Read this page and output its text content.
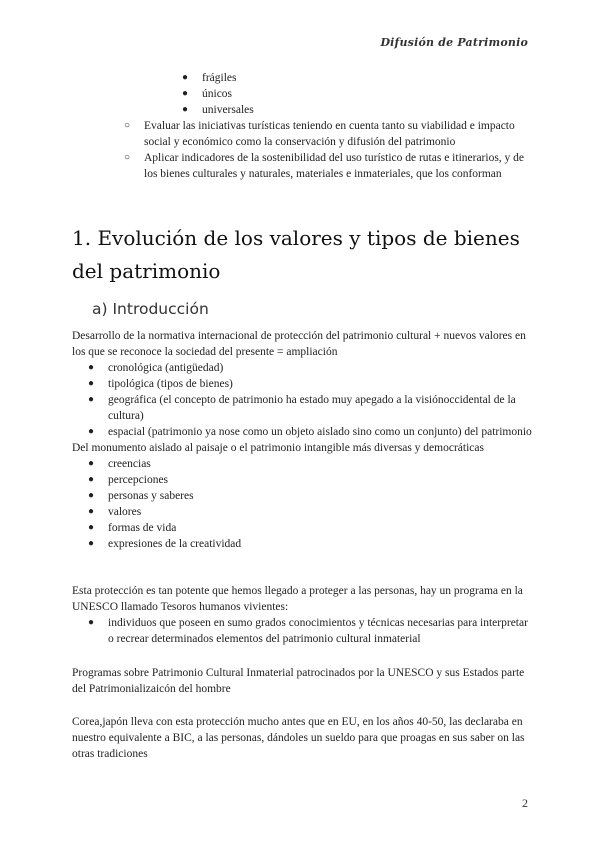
Difusión de Patrimonio
● frágiles
● únicos
● universales
○ Evaluar las iniciativas turísticas teniendo en cuenta tanto su viabilidad e impacto social y económico como la conservación y difusión del patrimonio
○ Aplicar indicadores de la sostenibilidad del uso turístico de rutas e itinerarios, y de los bienes culturales y naturales, materiales e inmateriales, que los conforman
1. Evolución de los valores y tipos de bienes del patrimonio
a) Introducción
Desarrollo de la normativa internacional de protección del patrimonio cultural + nuevos valores en los que se reconoce la sociedad del presente = ampliación
● cronológica (antigüedad)
● tipológica (tipos de bienes)
● geográfica (el concepto de patrimonio ha estado muy apegado a la visiónoccidental de la cultura)
● espacial (patrimonio ya nose como un objeto aislado sino como un conjunto) del patrimonio
Del monumento aislado al paisaje o el patrimonio intangible más diversas y democráticas
● creencias
● percepciones
● personas y saberes
● valores
● formas de vida
● expresiones de la creatividad
Esta protección es tan potente que hemos llegado a proteger a las personas, hay un programa en la UNESCO llamado Tesoros humanos vivientes:
● individuos que poseen en sumo grados conocimientos y técnicas necesarias para interpretar o recrear determinados elementos del patrimonio cultural inmaterial
Programas sobre Patrimonio Cultural Inmaterial patrocinados por la UNESCO y sus Estados parte del Patrimonializaicón del hombre
Corea,japón lleva con esta protección mucho antes que en EU, en los años 40-50, las declaraba en nuestro equivalente a BIC, a las personas, dándoles un sueldo para que proagas en sus saber on las otras tradiciones
2
